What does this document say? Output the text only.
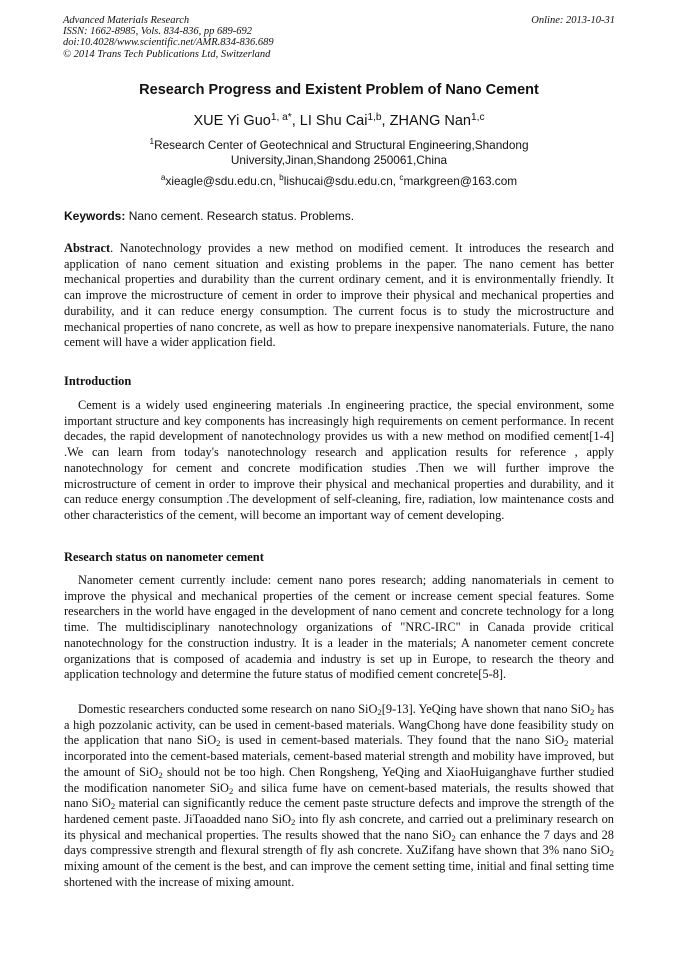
Advanced Materials Research
ISSN: 1662-8985, Vols. 834-836, pp 689-692
doi:10.4028/www.scientific.net/AMR.834-836.689
© 2014 Trans Tech Publications Ltd, Switzerland
Online: 2013-10-31
Research Progress and Existent Problem of Nano Cement
XUE Yi Guo$^{1, a*}$, LI Shu Cai$^{1,b}$, ZHANG Nan$^{1,c}$
$^1$Research Center of Geotechnical and Structural Engineering,Shandong
University,Jinan,Shandong 250061,China
$^a$xieagle@sdu.edu.cn, $^b$lishucai@sdu.edu.cn, $^c$markgreen@163.com
Keywords: Nano cement. Research status. Problems.
Abstract. Nanotechnology provides a new method on modified cement. It introduces the research and application of nano cement situation and existing problems in the paper. The nano cement has better mechanical properties and durability than the current ordinary cement, and it is environmentally friendly. It can improve the microstructure of cement in order to improve their physical and mechanical properties and durability, and it can reduce energy consumption. The current focus is to study the microstructure and mechanical properties of nano concrete, as well as how to prepare inexpensive nanomaterials. Future, the nano cement will have a wider application field.
Introduction
Cement is a widely used engineering materials .In engineering practice, the special environment, some important structure and key components has increasingly high requirements on cement performance. In recent decades, the rapid development of nanotechnology provides us with a new method on modified cement[1-4] .We can learn from today's nanotechnology research and application results for reference , apply nanotechnology for cement and concrete modification studies .Then we will further improve the microstructure of cement in order to improve their physical and mechanical properties and durability, and it can reduce energy consumption .The development of self-cleaning, fire, radiation, low maintenance costs and other characteristics of the cement, will become an important way of cement developing.
Research status on nanometer cement
Nanometer cement currently include: cement nano pores research; adding nanomaterials in cement to improve the physical and mechanical properties of the cement or increase cement special features. Some researchers in the world have engaged in the development of nano cement and concrete technology for a long time. The multidisciplinary nanotechnology organizations of "NRC-IRC" in Canada provide critical nanotechnology for the construction industry. It is a leader in the materials; A nanometer cement concrete organizations that is composed of academia and industry is set up in Europe, to research the theory and application technology and determine the future status of modified cement concrete[5-8].
Domestic researchers conducted some research on nano SiO$_2$[9-13]. YeQing have shown that nano SiO$_2$ has a high pozzolanic activity, can be used in cement-based materials. WangChong have done feasibility study on the application that nano SiO$_2$ is used in cement-based materials. They found that the nano SiO$_2$ material incorporated into the cement-based materials, cement-based material strength and mobility have improved, but the amount of SiO$_2$ should not be too high. Chen Rongsheng, YeQing and XiaoHuiganghave further studied the modification nanometer SiO$_2$ and silica fume have on cement-based materials, the results showed that nano SiO$_2$ material can significantly reduce the cement paste structure defects and improve the strength of the hardened cement paste. JiTaoadded nano SiO$_2$ into fly ash concrete, and carried out a preliminary research on its physical and mechanical properties. The results showed that the nano SiO$_2$ can enhance the 7 days and 28 days compressive strength and flexural strength of fly ash concrete. XuZifang have shown that 3% nano SiO$_2$ mixing amount of the cement is the best, and can improve the cement setting time, initial and final setting time shortened with the increase of mixing amount.
